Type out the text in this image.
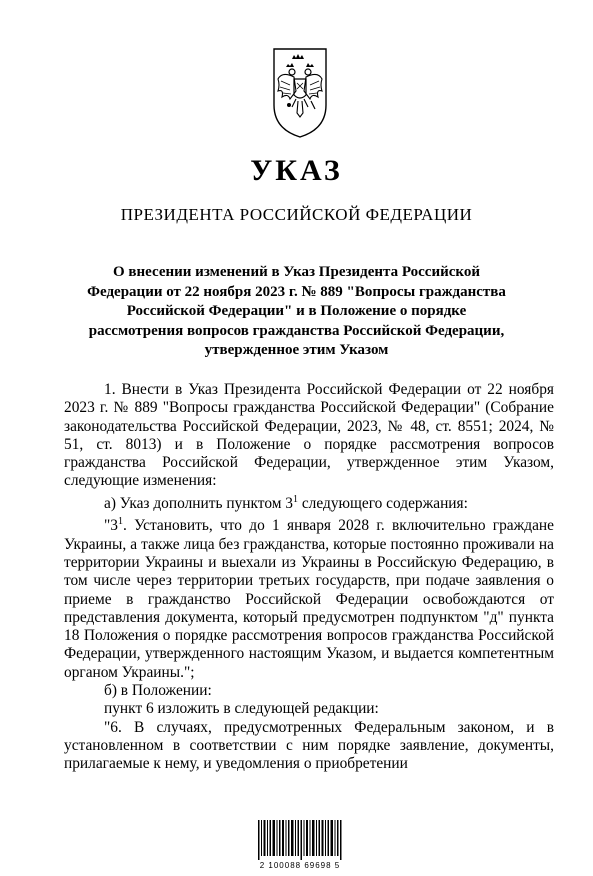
УКАЗ
ПРЕЗИДЕНТА РОССИЙСКОЙ ФЕДЕРАЦИИ
О внесении изменений в Указ Президента Российской Федерации от 22 ноября 2023 г. № 889 "Вопросы гражданства Российской Федерации" и в Положение о порядке рассмотрения вопросов гражданства Российской Федерации, утвержденное этим Указом

1. Внести в Указ Президента Российской Федерации от 22 ноября 2023 г. № 889 "Вопросы гражданства Российской Федерации" (Собрание законодательства Российской Федерации, 2023, № 48, ст. 8551; 2024, № 51, ст. 8013) и в Положение о порядке рассмотрения вопросов гражданства Российской Федерации, утвержденное этим Указом, следующие изменения:

а) Указ дополнить пунктом $3^1$ следующего содержания:

"$3^1$. Установить, что до 1 января 2028 г. включительно граждане Украины, а также лица без гражданства, которые постоянно проживали на территории Украины и выехали из Украины в Российскую Федерацию, в том числе через территории третьих государств, при подаче заявления о приеме в гражданство Российской Федерации освобождаются от представления документа, который предусмотрен подпунктом "д" пункта 18 Положения о порядке рассмотрения вопросов гражданства Российской Федерации, утвержденного настоящим Указом, и выдается компетентным органом Украины.";

б) в Положении:

пункт 6 изложить в следующей редакции:

"6. В случаях, предусмотренных Федеральным законом, и в установленном в соответствии с ним порядке заявление, документы, прилагаемые к нему, и уведомления о приобретении

2 100088 69698 5
